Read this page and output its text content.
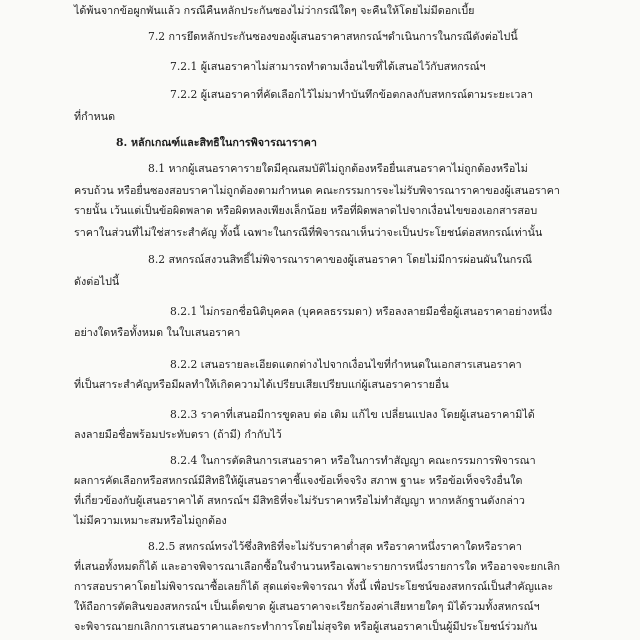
ได้พ้นจากข้อผูกพันแล้ว กรณีคืนหลักประกันซองไม่ว่ากรณีใดๆ จะคืนให้โดยไม่มีดอกเบี้ย
7.2 การยึดหลักประกันซองของผู้เสนอราคาสหกรณ์ฯดำเนินการในกรณีดังต่อไปนี้
7.2.1 ผู้เสนอราคาไม่สามารถทำตามเงื่อนไขที่ได้เสนอไว้กับสหกรณ์ฯ
7.2.2 ผู้เสนอราคาที่คัดเลือกไว้ไม่มาทำบันทึกข้อตกลงกับสหกรณ์ตามระยะเวลา
ที่กำหนด
8. หลักเกณฑ์และสิทธิในการพิจารณาราคา
8.1 หากผู้เสนอราคารายใดมีคุณสมบัติไม่ถูกต้องหรือยื่นเสนอราคาไม่ถูกต้องหรือไม่
ครบถ้วน หรือยื่นซองสอบราคาไม่ถูกต้องตามกำหนด คณะกรรมการจะไม่รับพิจารณาราคาของผู้เสนอราคา
รายนั้น เว้นแต่เป็นข้อผิดพลาด หรือผิดหลงเพียงเล็กน้อย หรือที่ผิดพลาดไปจากเงื่อนไขของเอกสารสอบ
ราคาในส่วนที่ไม่ใช่สาระสำคัญ ทั้งนี้ เฉพาะในกรณีที่พิจารณาเห็นว่าจะเป็นประโยชน์ต่อสหกรณ์เท่านั้น
8.2 สหกรณ์สงวนสิทธิ์ไม่พิจารณาราคาของผู้เสนอราคา โดยไม่มีการผ่อนผันในกรณี
ดังต่อไปนี้
8.2.1 ไม่กรอกชื่อนิติบุคคล (บุคคลธรรมดา) หรือลงลายมือชื่อผู้เสนอราคาอย่างหนึ่ง
อย่างใดหรือทั้งหมด ในใบเสนอราคา
8.2.2 เสนอรายละเอียดแตกต่างไปจากเงื่อนไขที่กำหนดในเอกสารเสนอราคา
ที่เป็นสาระสำคัญหรือมีผลทำให้เกิดความได้เปรียบเสียเปรียบแก่ผู้เสนอราคารายอื่น
8.2.3 ราคาที่เสนอมีการขูดลบ ต่อ เติม แก้ไข เปลี่ยนแปลง โดยผู้เสนอราคามิได้
ลงลายมือชื่อพร้อมประทับตรา (ถ้ามี) กำกับไว้
8.2.4 ในการตัดสินการเสนอราคา หรือในการทำสัญญา คณะกรรมการพิจารณา
ผลการคัดเลือกหรือสหกรณ์มีสิทธิให้ผู้เสนอราคาชี้แจงข้อเท็จจริง สภาพ ฐานะ หรือข้อเท็จจริงอื่นใด
ที่เกี่ยวข้องกับผู้เสนอราคาได้ สหกรณ์ฯ มีสิทธิที่จะไม่รับราคาหรือไม่ทำสัญญา หากหลักฐานดังกล่าว
ไม่มีความเหมาะสมหรือไม่ถูกต้อง
8.2.5 สหกรณ์ทรงไว้ซึ่งสิทธิที่จะไม่รับราคาต่ำสุด หรือราคาหนึ่งราคาใดหรือราคา
ที่เสนอทั้งหมดก็ได้ และอาจพิจารณาเลือกซื้อในจำนวนหรือเฉพาะรายการหนึ่งรายการใด หรืออาจจะยกเลิก
การสอบราคาโดยไม่พิจารณาซื้อเลยก็ได้ สุดแต่จะพิจารณา ทั้งนี้ เพื่อประโยชน์ของสหกรณ์เป็นสำคัญและ
ให้ถือการตัดสินของสหกรณ์ฯ เป็นเด็ดขาด ผู้เสนอราคาจะเรียกร้องค่าเสียหายใดๆ มิได้รวมทั้งสหกรณ์ฯ
จะพิจารณายกเลิกการเสนอราคาและกระทำการโดยไม่สุจริต หรือผู้เสนอราคาเป็นผู้มีประโยชน์ร่วมกัน
